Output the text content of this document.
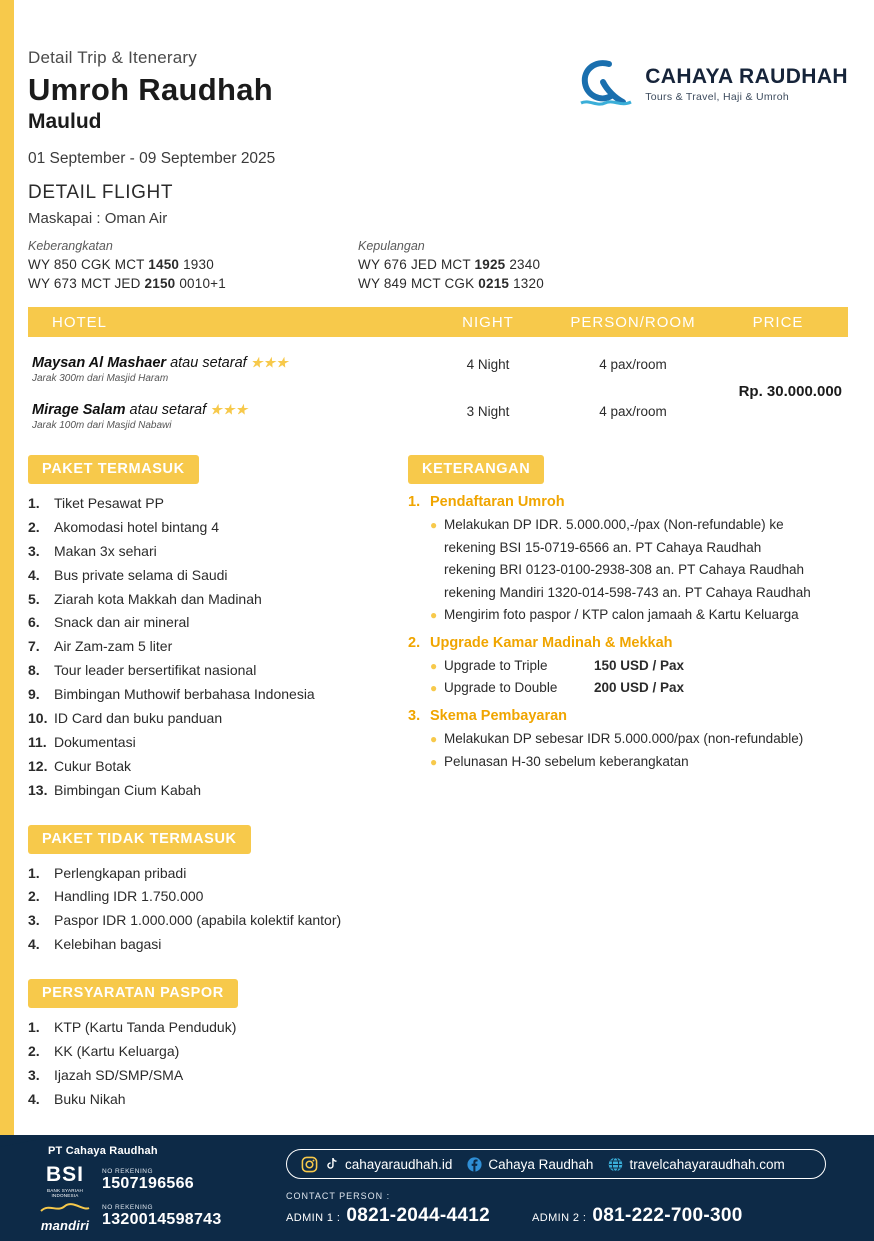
Detail Trip & Itenerary
Umroh Raudhah
Maulud
01 September - 09 September 2025
CAHAYA RAUDHAH
Tours & Travel, Haji & Umroh
DETAIL FLIGHT
Maskapai : Oman Air
Keberangkatan
WY 850 CGK MCT 1450 1930
WY 673 MCT JED 2150 0010+1
Kepulangan
WY 676 JED MCT 1925 2340
WY 849 MCT CGK 0215 1320
HOTEL	NIGHT	PERSON/ROOM	PRICE
Maysan Al Mashaer atau setaraf ★★★
Jarak 300m dari Masjid Haram
4 Night	4 pax/room
Mirage Salam atau setaraf ★★★
Jarak 100m dari Masjid Nabawi
3 Night	4 pax/room
Rp. 30.000.000
PAKET TERMASUK
1.	Tiket Pesawat PP
2.	Akomodasi hotel bintang 4
3.	Makan 3x sehari
4.	Bus private selama di Saudi
5.	Ziarah kota Makkah dan Madinah
6.	Snack dan air mineral
7.	Air Zam-zam 5 liter
8.	Tour leader bersertifikat nasional
9.	Bimbingan Muthowif berbahasa Indonesia
10. ID Card dan buku panduan
11. Dokumentasi
12. Cukur Botak
13. Bimbingan Cium Kabah
PAKET TIDAK TERMASUK
1.	Perlengkapan pribadi
2.	Handling IDR 1.750.000
3.	Paspor IDR 1.000.000 (apabila kolektif kantor)
4.	Kelebihan bagasi
PERSYARATAN PASPOR
1.	KTP (Kartu Tanda Penduduk)
2.	KK (Kartu Keluarga)
3.	Ijazah SD/SMP/SMA
4.	Buku Nikah
KETERANGAN
1. Pendaftaran Umroh
● Melakukan DP IDR. 5.000.000,-/pax (Non-refundable) ke
rekening BSI 15-0719-6566 an. PT Cahaya Raudhah
rekening BRI 0123-0100-2938-308 an. PT Cahaya Raudhah
rekening Mandiri 1320-014-598-743 an. PT Cahaya Raudhah
● Mengirim foto paspor / KTP calon jamaah & Kartu Keluarga
2. Upgrade Kamar Madinah & Mekkah
● Upgrade to Triple	150 USD / Pax
● Upgrade to Double	200 USD / Pax
3. Skema Pembayaran
● Melakukan DP sebesar IDR 5.000.000/pax (non-refundable)
● Pelunasan H-30 sebelum keberangkatan
PT Cahaya Raudhah
BSI
BANK SYARIAH INDONESIA
NO REKENING
1507196566
mandiri
NO REKENING
1320014598743
cahayaraudhah.id	Cahaya Raudhah	travelcahayaraudhah.com
CONTACT PERSON :
ADMIN 1 : 0821-2044-4412	ADMIN 2 : 081-222-700-300
